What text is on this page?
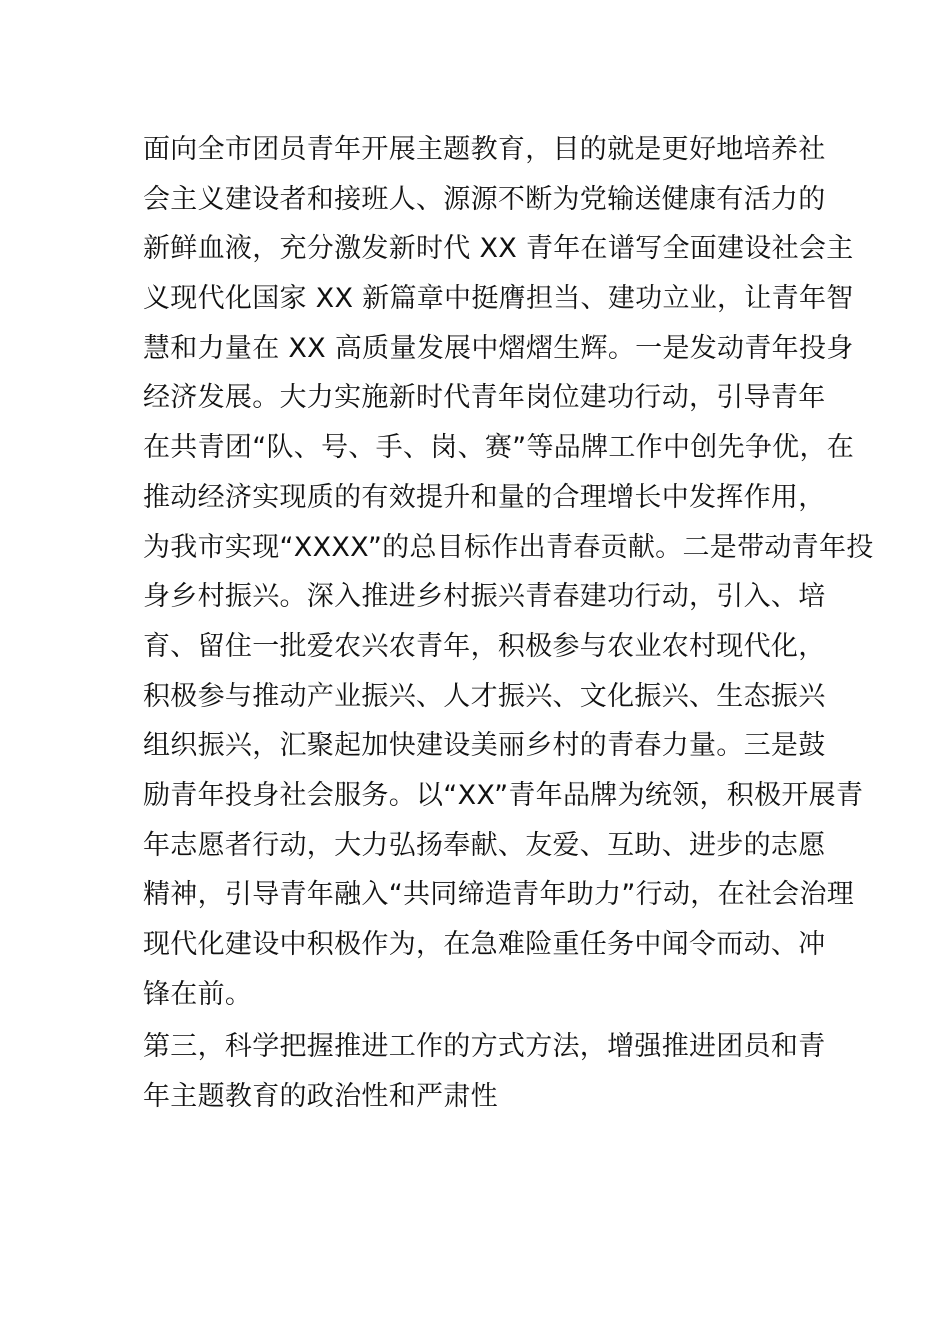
面向全市团员青年开展主题教育，目的就是更好地培养社
会主义建设者和接班人、源源不断为党输送健康有活力的
新鲜血液，充分激发新时代 XX 青年在谱写全面建设社会主
义现代化国家 XX 新篇章中挺膺担当、建功立业，让青年智
慧和力量在 XX 高质量发展中熠熠生辉。一是发动青年投身
经济发展。大力实施新时代青年岗位建功行动，引导青年
在共青团“队、号、手、岗、赛”等品牌工作中创先争优，在
推动经济实现质的有效提升和量的合理增长中发挥作用，
为我市实现“XXXX”的总目标作出青春贡献。二是带动青年投
身乡村振兴。深入推进乡村振兴青春建功行动，引入、培
育、留住一批爱农兴农青年，积极参与农业农村现代化，
积极参与推动产业振兴、人才振兴、文化振兴、生态振兴
组织振兴，汇聚起加快建设美丽乡村的青春力量。三是鼓
励青年投身社会服务。以“XX”青年品牌为统领，积极开展青
年志愿者行动，大力弘扬奉献、友爱、互助、进步的志愿
精神，引导青年融入“共同缔造青年助力”行动，在社会治理
现代化建设中积极作为，在急难险重任务中闻令而动、冲
锋在前。
第三，科学把握推进工作的方式方法，增强推进团员和青
年主题教育的政治性和严肃性
